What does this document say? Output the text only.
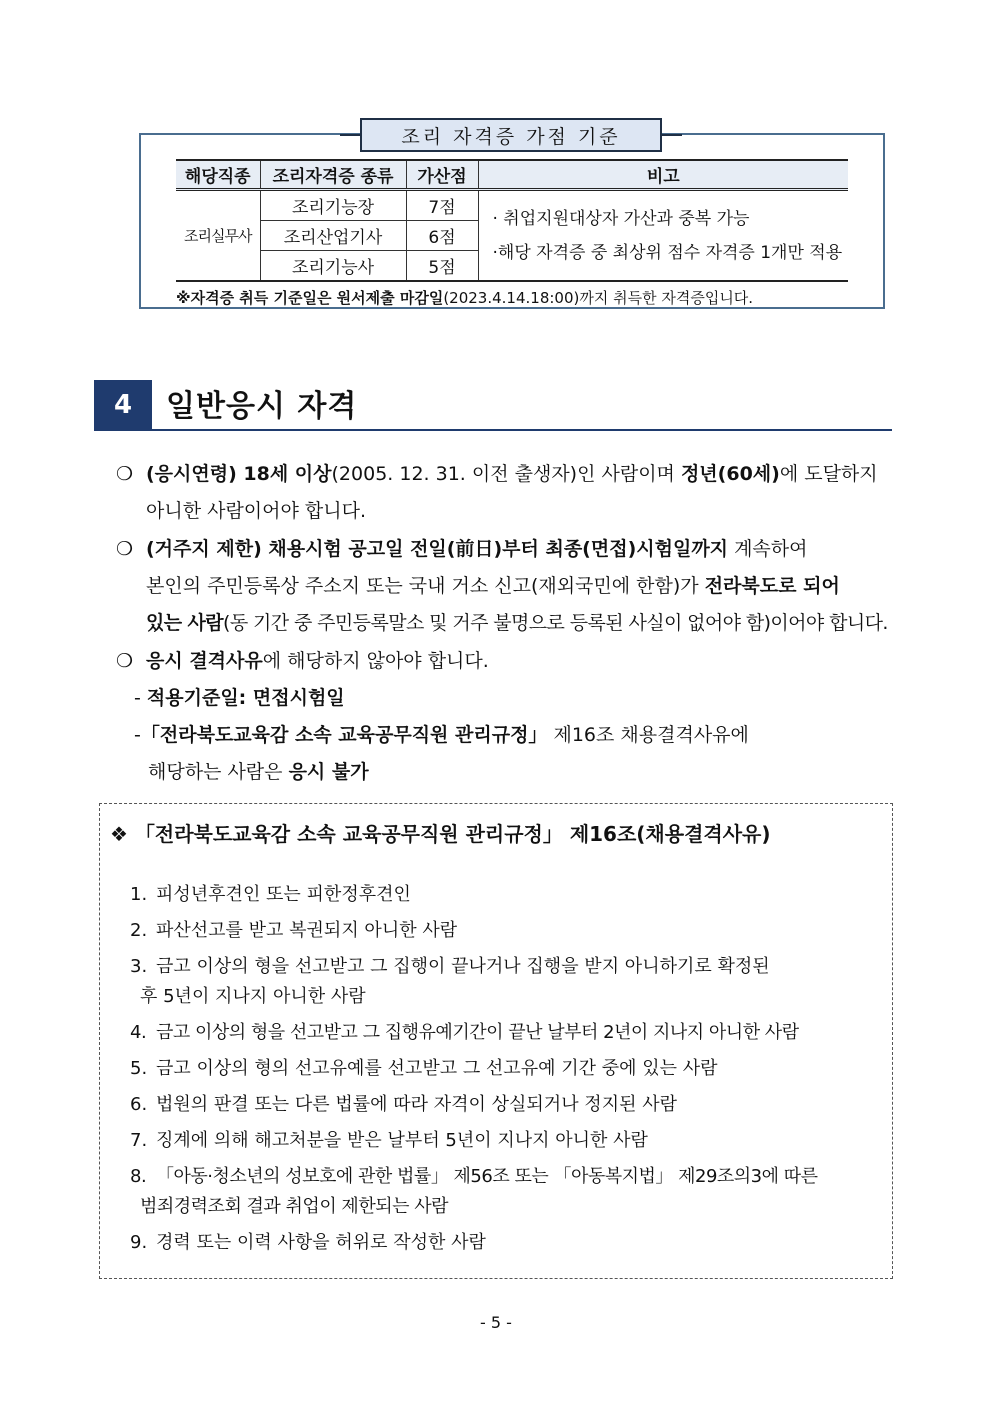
조리 자격증 가점 기준
해당직종	조리자격증 종류	가산점	비고
조리실무사	조리기능장	7점	· 취업지원대상자 가산과 중복 가능
·해당 자격증 중 최상위 점수 자격증 1개만 적용

	조리산업기사	6점	
	조리기능사	5점	
※자격증 취득 기준일은 원서제출 마감일(2023.4.14.18:00)까지 취득한 자격증입니다.
4	일반응시 자격
❍ (응시연령) 18세 이상(2005. 12. 31. 이전 출생자)인 사람이며 정년(60세)에 도달하지
아니한 사람이어야 합니다.
❍ (거주지 제한) 채용시험 공고일 전일(前日)부터 최종(면접)시험일까지 계속하여
본인의 주민등록상 주소지 또는 국내 거소 신고(재외국민에 한함)가 전라북도로 되어
있는 사람(동 기간 중 주민등록말소 및 거주 불명으로 등록된 사실이 없어야 함)이어야 합니다.
❍ 응시 결격사유에 해당하지 않아야 합니다.
- 적용기준일: 면접시험일
-「전라북도교육감 소속 교육공무직원 관리규정」 제16조 채용결격사유에
해당하는 사람은 응시 불가
❖ 「전라북도교육감 소속 교육공무직원 관리규정」 제16조(채용결격사유)
1. 피성년후견인 또는 피한정후견인
2. 파산선고를 받고 복권되지 아니한 사람
3. 금고 이상의 형을 선고받고 그 집행이 끝나거나 집행을 받지 아니하기로 확정된
후 5년이 지나지 아니한 사람
4. 금고 이상의 형을 선고받고 그 집행유예기간이 끝난 날부터 2년이 지나지 아니한 사람
5. 금고 이상의 형의 선고유예를 선고받고 그 선고유예 기간 중에 있는 사람
6. 법원의 판결 또는 다른 법률에 따라 자격이 상실되거나 정지된 사람
7. 징계에 의해 해고처분을 받은 날부터 5년이 지나지 아니한 사람
8. 「아동·청소년의 성보호에 관한 법률」 제56조 또는 「아동복지법」 제29조의3에 따른
범죄경력조회 결과 취업이 제한되는 사람
9. 경력 또는 이력 사항을 허위로 작성한 사람
- 5 -
